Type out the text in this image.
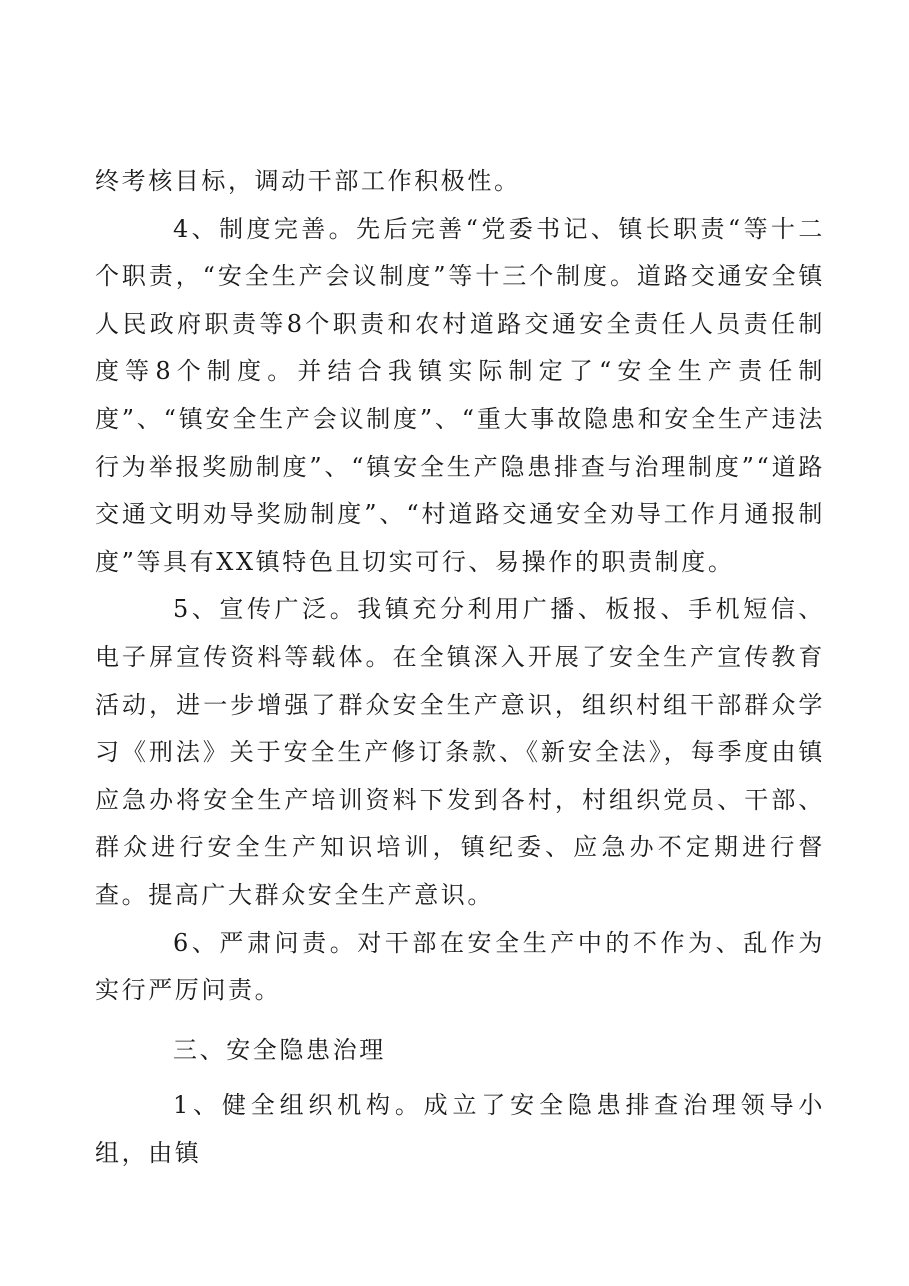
终考核目标，调动干部工作积极性。

4、制度完善。先后完善“党委书记、镇长职责“等十二个职责，“安全生产会议制度”等十三个制度。道路交通安全镇人民政府职责等8个职责和农村道路交通安全责任人员责任制度等8个制度。并结合我镇实际制定了“安全生产责任制度”、“镇安全生产会议制度”、“重大事故隐患和安全生产违法行为举报奖励制度”、“镇安全生产隐患排查与治理制度”“道路交通文明劝导奖励制度”、“村道路交通安全劝导工作月通报制度”等具有XX镇特色且切实可行、易操作的职责制度。

5、宣传广泛。我镇充分利用广播、板报、手机短信、电子屏宣传资料等载体。在全镇深入开展了安全生产宣传教育活动，进一步增强了群众安全生产意识，组织村组干部群众学习《刑法》关于安全生产修订条款、《新安全法》，每季度由镇应急办将安全生产培训资料下发到各村，村组织党员、干部、群众进行安全生产知识培训，镇纪委、应急办不定期进行督查。提高广大群众安全生产意识。

6、严肃问责。对干部在安全生产中的不作为、乱作为实行严厉问责。

三、安全隐患治理

1、健全组织机构。成立了安全隐患排查治理领导小组，由镇
